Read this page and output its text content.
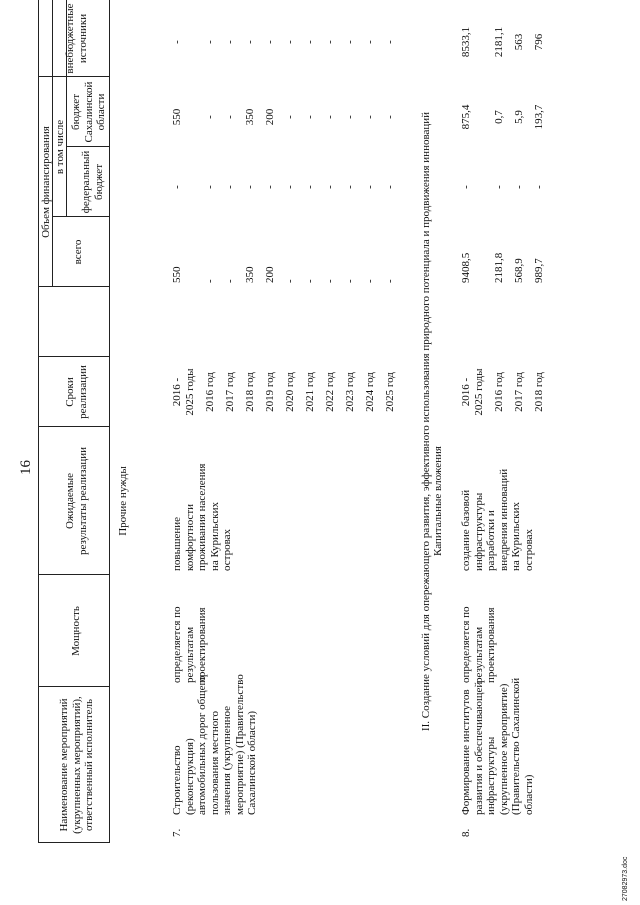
16
Наименование мероприятий (укрупненных мероприятий), ответственный исполнитель
Мощность
Ожидаемые результаты реализации
Сроки реализации
Объем финансирования
всего
в том числе
федеральный бюджет
бюджет Сахалинской области
внебюджетные источники
Прочие нужды
7.
Строительство (реконструкция) автомобильных дорог общего пользования местного значения (укрупненное мероприятие) (Правительство Сахалинской области)
определяется по результатам проектирования
повышение комфортности проживания населения на Курильских островах
2016 - 2025 годы
550
-
550
-
2016 год
-
-
-
-
2017 год
-
-
-
-
2018 год
350
-
350
-
2019 год
200
-
200
-
2020 год
-
-
-
-
2021 год
-
-
-
-
2022 год
-
-
-
-
2023 год
-
-
-
-
2024 год
-
-
-
-
2025 год
-
-
-
-
II. Создание условий для опережающего развития, эффективного использования природного потенциала и продвижения инноваций Капитальные вложения
8.
Формирование институтов развития и обеспечивающей инфраструктуры (укрупненное мероприятие) (Правительство Сахалинской области)
определяется по результатам проектирования
создание базовой инфраструктуры разработки и внедрения инноваций на Курильских островах
2016 - 2025 годы
9408,5
-
875,4
8533,1
2016 год
2181,8
-
0,7
2181,1
2017 год
568,9
-
5,9
563
2018 год
989,7
-
193,7
796
27082973.doc
